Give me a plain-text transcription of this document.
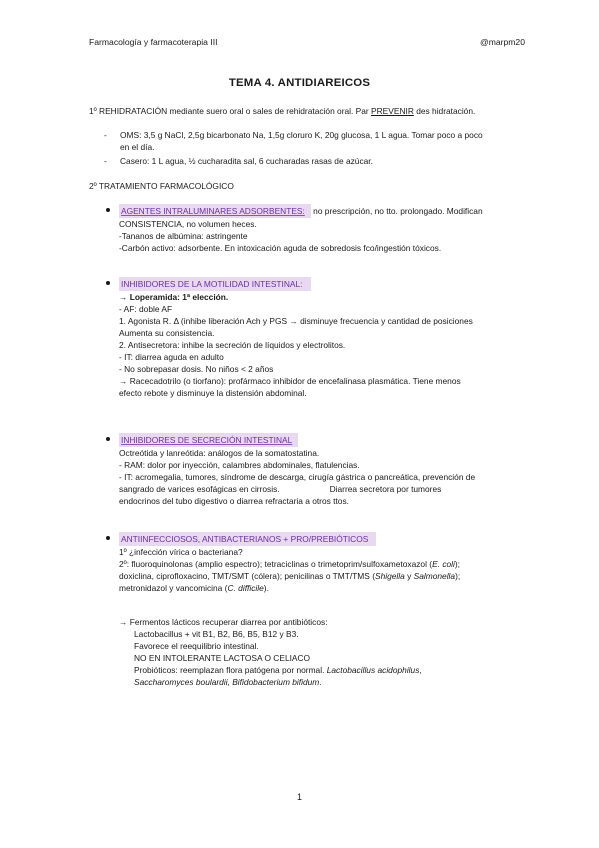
Farmacología y farmacoterapia III	@marpm20
TEMA 4. ANTIDIAREICOS
1º REHIDRATACIÓN mediante suero oral o sales de rehidratación oral. Par PREVENIR des hidratación.
- OMS: 3,5 g NaCl, 2,5g bicarbonato Na, 1,5g cloruro K, 20g glucosa, 1 L agua. Tomar poco a poco
en el día.
- Casero: 1 L agua, ½ cucharadita sal, 6 cucharadas rasas de azúcar.
2º TRATAMIENTO FARMACOLÓGICO
AGENTES INTRALUMINARES ADSORBENTES: no prescripción, no tto. prolongado. Modifican
CONSISTENCIA, no volumen heces.
-Tananos de albúmina: astringente
-Carbón activo: adsorbente. En intoxicación aguda de sobredosis fco/ingestión tóxicos.
INHIBIDORES DE LA MOTILIDAD INTESTINAL:
→ Loperamida: 1ª elección.
- AF: doble AF
1. Agonista R. Δ (inhibe liberación Ach y PGS → disminuye frecuencia y cantidad de posiciones
Aumenta su consistencia.
2. Antisecretora: inhibe la secreción de líquidos y electrolitos.
- IT: diarrea aguda en adulto
- No sobrepasar dosis. No niños < 2 años
→ Racecadotrilo (o tiorfano): profármaco inhibidor de encefalinasa plasmática. Tiene menos
efecto rebote y disminuye la distensión abdominal.
INHIBIDORES DE SECRECIÓN INTESTINAL
Octreótida y lanreótida: análogos de la somatostatina.
- RAM: dolor por inyección, calambres abdominales, flatulencias.
- IT: acromegalia, tumores, síndrome de descarga, cirugía gástrica o pancreática, prevención de
sangrado de varices esofágicas en cirrosis.	Diarrea secretora por tumores
endocrinos del tubo digestivo o diarrea refractaria a otros ttos.
ANTIINFECCIOSOS, ANTIBACTERIANOS + PRO/PREBIÓTICOS
1º ¿infección vírica o bacteriana?
2º: fluoroquinolonas (amplio espectro); tetraciclinas o trimetoprim/sulfoxametoxazol (E. coli);
doxiclina, ciprofloxacino, TMT/SMT (cólera); penicilinas o TMT/TMS (Shigella y Salmonella);
metronidazol y vancomicina (C. difficile).
→ Fermentos lácticos recuperar diarrea por antibióticos:
Lactobacillus + vit B1, B2, B6, B5, B12 y B3.
Favorece el reequilibrio intestinal.
NO EN INTOLERANTE LACTOSA O CELIACO
Probióticos: reemplazan flora patógena por normal. Lactobacillus acidophilus,
Saccharomyces boulardii, Bifidobacterium bifidum.
1
